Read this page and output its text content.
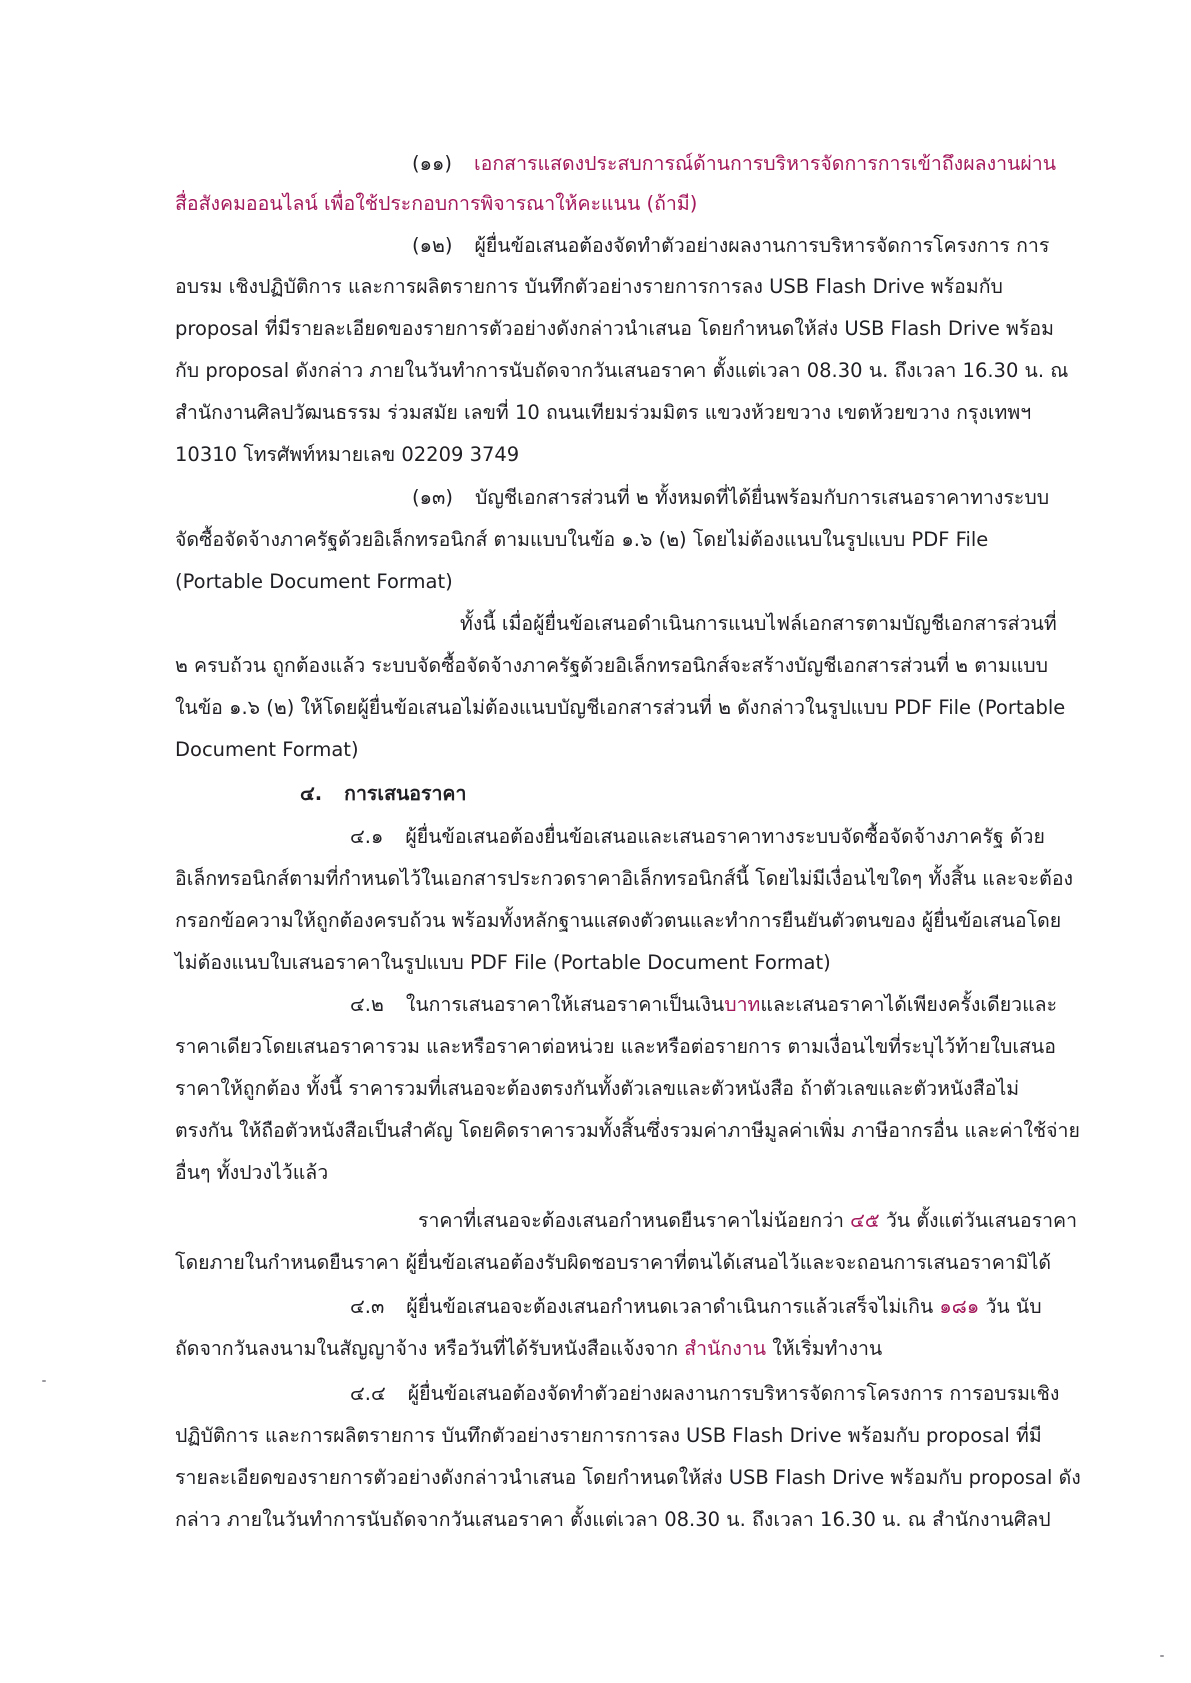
(๑๑) เอกสารแสดงประสบการณ์ด้านการบริหารจัดการการเข้าถึงผลงานผ่าน
สื่อสังคมออนไลน์ เพื่อใช้ประกอบการพิจารณาให้คะแนน (ถ้ามี)
(๑๒) ผู้ยื่นข้อเสนอต้องจัดทำตัวอย่างผลงานการบริหารจัดการโครงการ การ
อบรม เชิงปฏิบัติการ และการผลิตรายการ บันทึกตัวอย่างรายการการลง USB Flash Drive พร้อมกับ
proposal ที่มีรายละเอียดของรายการตัวอย่างดังกล่าวนำเสนอ โดยกำหนดให้ส่ง USB Flash Drive พร้อม
กับ proposal ดังกล่าว ภายในวันทำการนับถัดจากวันเสนอราคา ตั้งแต่เวลา 08.30 น. ถึงเวลา 16.30 น. ณ
สำนักงานศิลปวัฒนธรรม ร่วมสมัย เลขที่ 10 ถนนเทียมร่วมมิตร แขวงห้วยขวาง เขตห้วยขวาง กรุงเทพฯ
10310 โทรศัพท์หมายเลข 02209 3749
(๑๓) บัญชีเอกสารส่วนที่ ๒ ทั้งหมดที่ได้ยื่นพร้อมกับการเสนอราคาทางระบบ
จัดซื้อจัดจ้างภาครัฐด้วยอิเล็กทรอนิกส์ ตามแบบในข้อ ๑.๖ (๒) โดยไม่ต้องแนบในรูปแบบ PDF File
(Portable Document Format)
ทั้งนี้ เมื่อผู้ยื่นข้อเสนอดำเนินการแนบไฟล์เอกสารตามบัญชีเอกสารส่วนที่
๒ ครบถ้วน ถูกต้องแล้ว ระบบจัดซื้อจัดจ้างภาครัฐด้วยอิเล็กทรอนิกส์จะสร้างบัญชีเอกสารส่วนที่ ๒ ตามแบบ
ในข้อ ๑.๖ (๒) ให้โดยผู้ยื่นข้อเสนอไม่ต้องแนบบัญชีเอกสารส่วนที่ ๒ ดังกล่าวในรูปแบบ PDF File (Portable
Document Format)
๔. การเสนอราคา
๔.๑ ผู้ยื่นข้อเสนอต้องยื่นข้อเสนอและเสนอราคาทางระบบจัดซื้อจัดจ้างภาครัฐ ด้วย
อิเล็กทรอนิกส์ตามที่กำหนดไว้ในเอกสารประกวดราคาอิเล็กทรอนิกส์นี้ โดยไม่มีเงื่อนไขใดๆ ทั้งสิ้น และจะต้อง
กรอกข้อความให้ถูกต้องครบถ้วน พร้อมทั้งหลักฐานแสดงตัวตนและทำการยืนยันตัวตนของ ผู้ยื่นข้อเสนอโดย
ไม่ต้องแนบใบเสนอราคาในรูปแบบ PDF File (Portable Document Format)
๔.๒ ในการเสนอราคาให้เสนอราคาเป็นเงินบาทและเสนอราคาได้เพียงครั้งเดียวและ
ราคาเดียวโดยเสนอราคารวม และหรือราคาต่อหน่วย และหรือต่อรายการ ตามเงื่อนไขที่ระบุไว้ท้ายใบเสนอ
ราคาให้ถูกต้อง ทั้งนี้ ราคารวมที่เสนอจะต้องตรงกันทั้งตัวเลขและตัวหนังสือ ถ้าตัวเลขและตัวหนังสือไม่
ตรงกัน ให้ถือตัวหนังสือเป็นสำคัญ โดยคิดราคารวมทั้งสิ้นซึ่งรวมค่าภาษีมูลค่าเพิ่ม ภาษีอากรอื่น และค่าใช้จ่าย
อื่นๆ ทั้งปวงไว้แล้ว
ราคาที่เสนอจะต้องเสนอกำหนดยืนราคาไม่น้อยกว่า ๔๕ วัน ตั้งแต่วันเสนอราคา
โดยภายในกำหนดยืนราคา ผู้ยื่นข้อเสนอต้องรับผิดชอบราคาที่ตนได้เสนอไว้และจะถอนการเสนอราคามิได้
๔.๓ ผู้ยื่นข้อเสนอจะต้องเสนอกำหนดเวลาดำเนินการแล้วเสร็จไม่เกิน ๑๘๑ วัน นับ
ถัดจากวันลงนามในสัญญาจ้าง หรือวันที่ได้รับหนังสือแจ้งจาก สำนักงาน ให้เริ่มทำงาน
๔.๔ ผู้ยื่นข้อเสนอต้องจัดทำตัวอย่างผลงานการบริหารจัดการโครงการ การอบรมเชิง
ปฏิบัติการ และการผลิตรายการ บันทึกตัวอย่างรายการการลง USB Flash Drive พร้อมกับ proposal ที่มี
รายละเอียดของรายการตัวอย่างดังกล่าวนำเสนอ โดยกำหนดให้ส่ง USB Flash Drive พร้อมกับ proposal ดัง
กล่าว ภายในวันทำการนับถัดจากวันเสนอราคา ตั้งแต่เวลา 08.30 น. ถึงเวลา 16.30 น. ณ สำนักงานศิลป
